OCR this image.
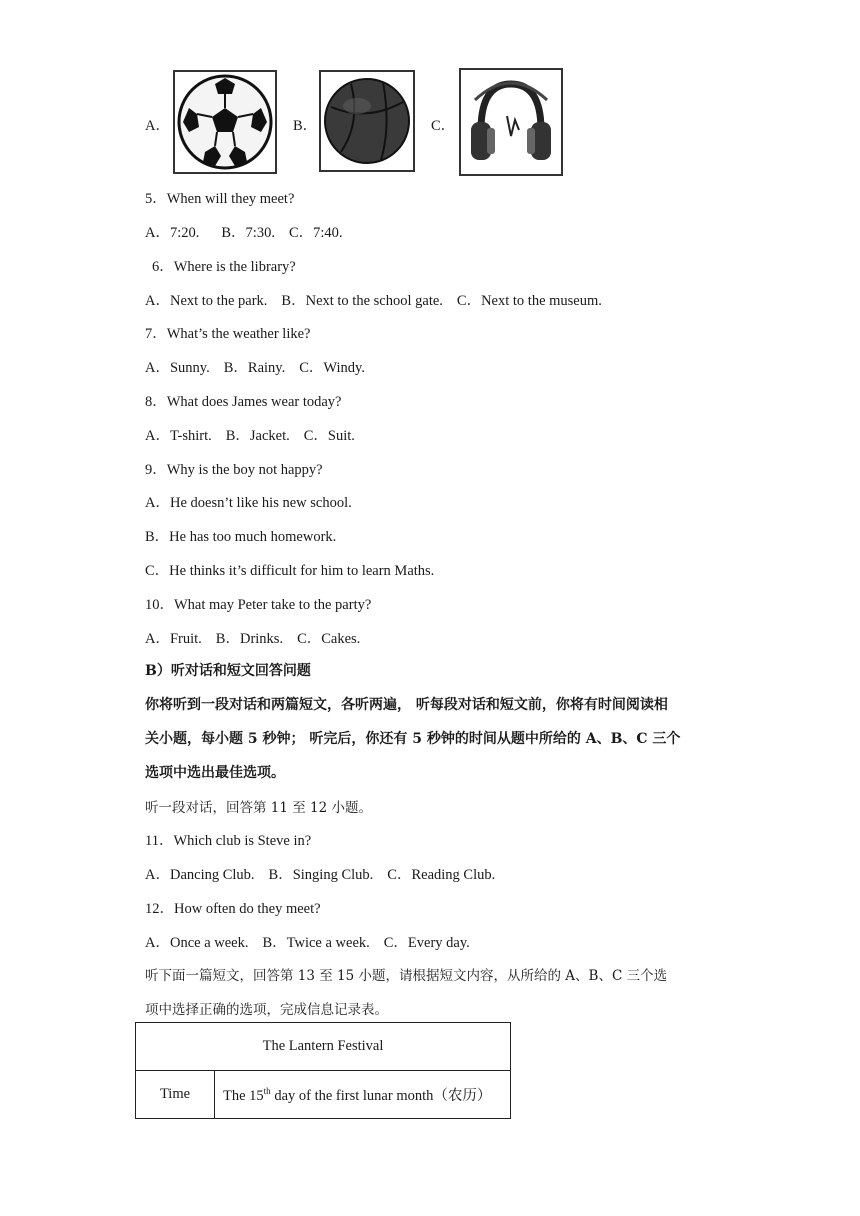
A．	B．	C．
5．When will they meet?
A．7:20. B．7:30. C．7:40.
6．Where is the library?
A．Next to the park. B．Next to the school gate. C．Next to the museum.
7．What’s the weather like?
A．Sunny. B．Rainy. C．Windy.
8．What does James wear today?
A．T-shirt. B．Jacket. C．Suit.
9．Why is the boy not happy?
A．He doesn’t like his new school.
B．He has too much homework.
C．He thinks it’s difficult for him to learn Maths.
10．What may Peter take to the party?
A．Fruit. B．Drinks. C．Cakes.
B）听对话和短文回答问题
你将听到一段对话和两篇短文，各听两遍， 听每段对话和短文前，你将有时间阅读相
关小题，每小题 5 秒钟； 听完后，你还有 5 秒钟的时间从题中所给的 A、B、C 三个
选项中选出最佳选项。
听一段对话，回答第 11 至 12 小题。
11．Which club is Steve in?
A．Dancing Club. B．Singing Club. C．Reading Club.
12．How often do they meet?
A．Once a week. B．Twice a week. C．Every day.
听下面一篇短文，回答第 13 至 15 小题，请根据短文内容，从所给的 A、B、C 三个选
项中选择正确的选项，完成信息记录表。
The Lantern Festival
Time	The 15th day of the first lunar month（农历）
